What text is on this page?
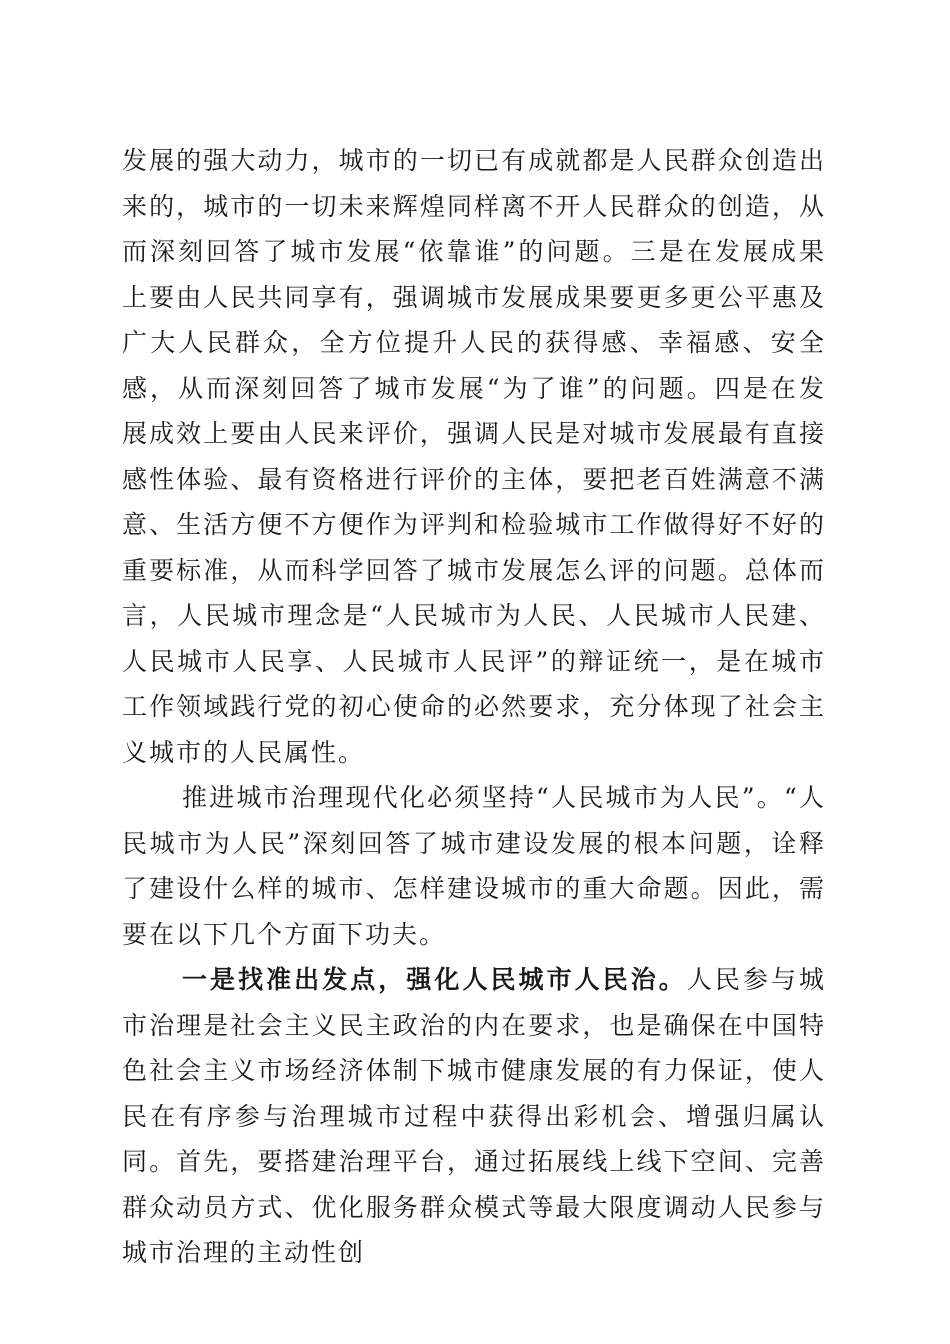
发展的强大动力，城市的一切已有成就都是人民群众创造出来的，城市的一切未来辉煌同样离不开人民群众的创造，从而深刻回答了城市发展“依靠谁”的问题。三是在发展成果上要由人民共同享有，强调城市发展成果要更多更公平惠及广大人民群众，全方位提升人民的获得感、幸福感、安全感，从而深刻回答了城市发展“为了谁”的问题。四是在发展成效上要由人民来评价，强调人民是对城市发展最有直接感性体验、最有资格进行评价的主体，要把老百姓满意不满意、生活方便不方便作为评判和检验城市工作做得好不好的重要标准，从而科学回答了城市发展怎么评的问题。总体而言，人民城市理念是“人民城市为人民、人民城市人民建、人民城市人民享、人民城市人民评”的辩证统一，是在城市工作领域践行党的初心使命的必然要求，充分体现了社会主义城市的人民属性。

推进城市治理现代化必须坚持“人民城市为人民”。“人民城市为人民”深刻回答了城市建设发展的根本问题，诠释了建设什么样的城市、怎样建设城市的重大命题。因此，需要在以下几个方面下功夫。

一是找准出发点，强化人民城市人民治。人民参与城市治理是社会主义民主政治的内在要求，也是确保在中国特色社会主义市场经济体制下城市健康发展的有力保证，使人民在有序参与治理城市过程中获得出彩机会、增强归属认同。首先，要搭建治理平台，通过拓展线上线下空间、完善群众动员方式、优化服务群众模式等最大限度调动人民参与城市治理的主动性创
